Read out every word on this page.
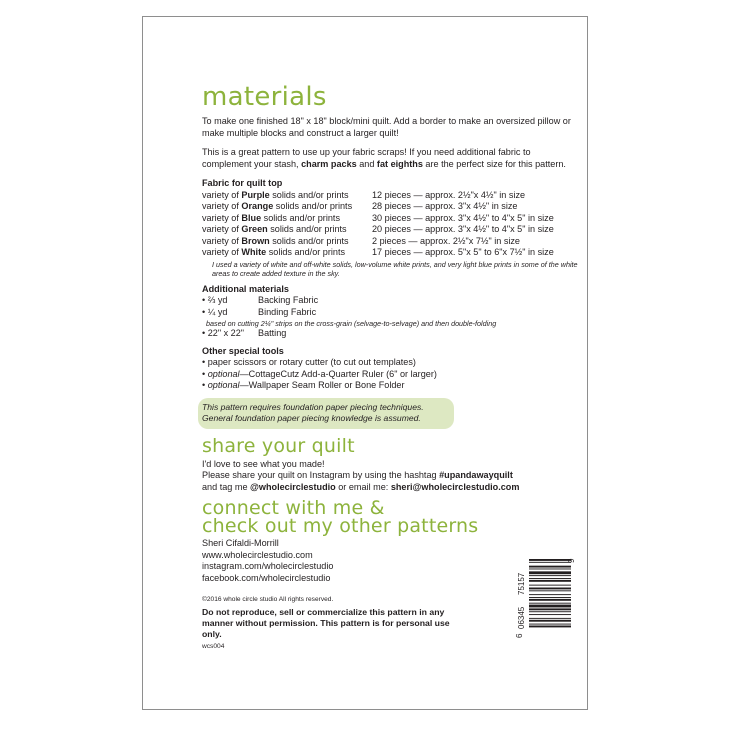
materials

To make one finished 18" x 18" block/mini quilt. Add a border to make an oversized pillow or make multiple blocks and construct a larger quilt!

This is a great pattern to use up your fabric scraps! If you need additional fabric to complement your stash, charm packs and fat eighths are the perfect size for this pattern.

Fabric for quilt top

variety of Purple solids and/or prints	12 pieces — approx. 2½"x 4½" in size
variety of Orange solids and/or prints	28 pieces — approx. 3"x 4½" in size
variety of Blue solids and/or prints	30 pieces — approx. 3"x 4½" to 4"x 5" in size
variety of Green solids and/or prints	20 pieces — approx. 3"x 4½" to 4"x 5" in size
variety of Brown solids and/or prints	2 pieces — approx. 2½"x 7½" in size
variety of White solids and/or prints	17 pieces — approx. 5"x 5" to 6"x 7½" in size

I used a variety of white and off-white solids, low-volume white prints, and very light blue prints in some of the white areas to create added texture in the sky.

Additional materials

• ⅔ yd	Backing Fabric
• ¼ yd	Binding Fabric

based on cutting 2¼" strips on the cross-grain (selvage-to-selvage) and then double-folding

• 22" x 22"	Batting

Other special tools

• paper scissors or rotary cutter (to cut out templates)

• optional—CottageCutz Add-a-Quarter Ruler (6" or larger)

• optional—Wallpaper Seam Roller or Bone Folder

This pattern requires foundation paper piecing techniques.
General foundation paper piecing knowledge is assumed.
share your quilt

I'd love to see what you made!

Please share your quilt on Instagram by using the hashtag #upandawayquilt

and tag me @wholecirclestudio or email me: sheri@wholecirclestudio.com

connect with me &
check out my other patterns

Sheri Cifaldi-Morrill

www.wholecirclestudio.com

instagram.com/wholecirclestudio

facebook.com/wholecirclestudio

©2016 whole circle studio All rights reserved.

Do not reproduce, sell or commercialize this pattern in any manner without permission. This pattern is for personal use only.

wcs004

6
06345
75157
9
